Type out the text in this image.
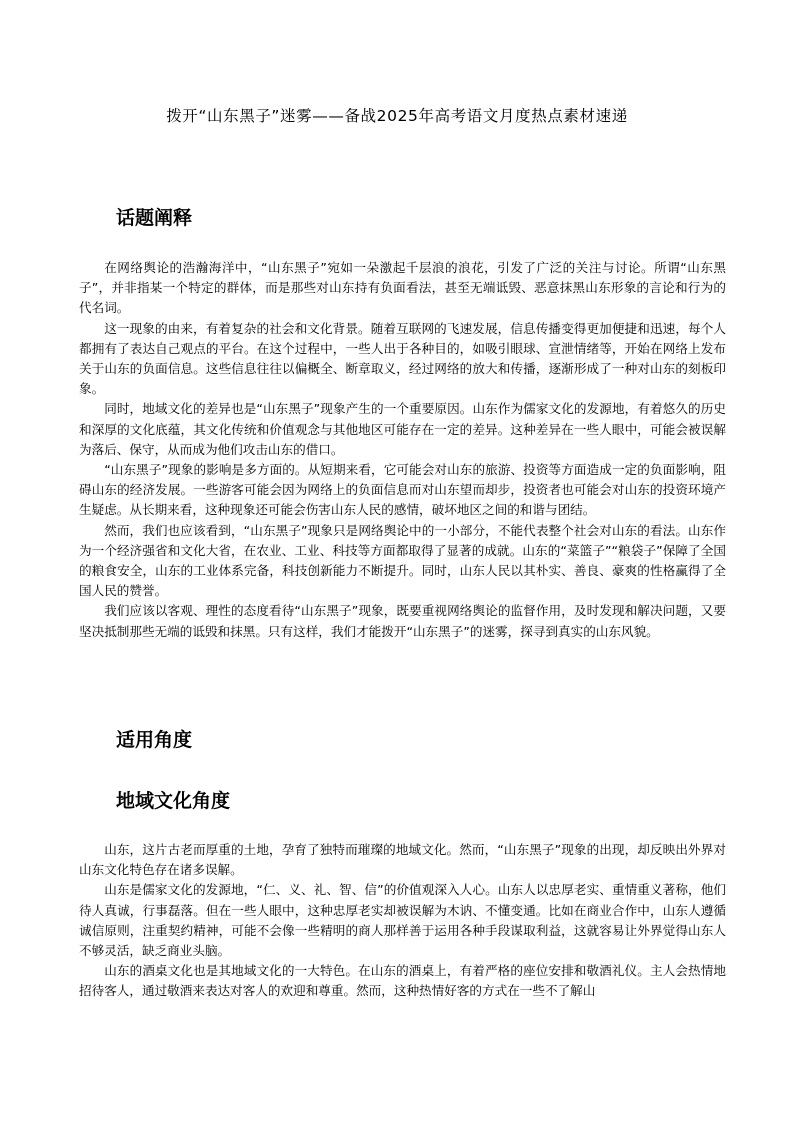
拨开“山东黑子”迷雾——备战2025年高考语文月度热点素材速递
话题阐释

在网络舆论的浩瀚海洋中，“山东黑子”宛如一朵激起千层浪的浪花，引发了广泛的关注与讨论。所谓“山东黑子”，并非指某一个特定的群体，而是那些对山东持有负面看法，甚至无端诋毁、恶意抹黑山东形象的言论和行为的代名词。

这一现象的由来，有着复杂的社会和文化背景。随着互联网的飞速发展，信息传播变得更加便捷和迅速，每个人都拥有了表达自己观点的平台。在这个过程中，一些人出于各种目的，如吸引眼球、宣泄情绪等，开始在网络上发布关于山东的负面信息。这些信息往往以偏概全、断章取义，经过网络的放大和传播，逐渐形成了一种对山东的刻板印象。

同时，地域文化的差异也是“山东黑子”现象产生的一个重要原因。山东作为儒家文化的发源地，有着悠久的历史和深厚的文化底蕴，其文化传统和价值观念与其他地区可能存在一定的差异。这种差异在一些人眼中，可能会被误解为落后、保守，从而成为他们攻击山东的借口。

“山东黑子”现象的影响是多方面的。从短期来看，它可能会对山东的旅游、投资等方面造成一定的负面影响，阻碍山东的经济发展。一些游客可能会因为网络上的负面信息而对山东望而却步，投资者也可能会对山东的投资环境产生疑虑。从长期来看，这种现象还可能会伤害山东人民的感情，破坏地区之间的和谐与团结。

然而，我们也应该看到，“山东黑子”现象只是网络舆论中的一小部分，不能代表整个社会对山东的看法。山东作为一个经济强省和文化大省，在农业、工业、科技等方面都取得了显著的成就。山东的“菜篮子”“粮袋子”保障了全国的粮食安全，山东的工业体系完备，科技创新能力不断提升。同时，山东人民以其朴实、善良、豪爽的性格赢得了全国人民的赞誉。

我们应该以客观、理性的态度看待“山东黑子”现象，既要重视网络舆论的监督作用，及时发现和解决问题，又要坚决抵制那些无端的诋毁和抹黑。只有这样，我们才能拨开“山东黑子”的迷雾，探寻到真实的山东风貌。

适用角度
地域文化角度

山东，这片古老而厚重的土地，孕育了独特而璀璨的地域文化。然而，“山东黑子”现象的出现，却反映出外界对山东文化特色存在诸多误解。

山东是儒家文化的发源地，“仁、义、礼、智、信”的价值观深入人心。山东人以忠厚老实、重情重义著称，他们待人真诚，行事磊落。但在一些人眼中，这种忠厚老实却被误解为木讷、不懂变通。比如在商业合作中，山东人遵循诚信原则，注重契约精神，可能不会像一些精明的商人那样善于运用各种手段谋取利益，这就容易让外界觉得山东人不够灵活，缺乏商业头脑。

山东的酒桌文化也是其地域文化的一大特色。在山东的酒桌上，有着严格的座位安排和敬酒礼仪。主人会热情地招待客人，通过敬酒来表达对客人的欢迎和尊重。然而，这种热情好客的方式在一些不了解山
